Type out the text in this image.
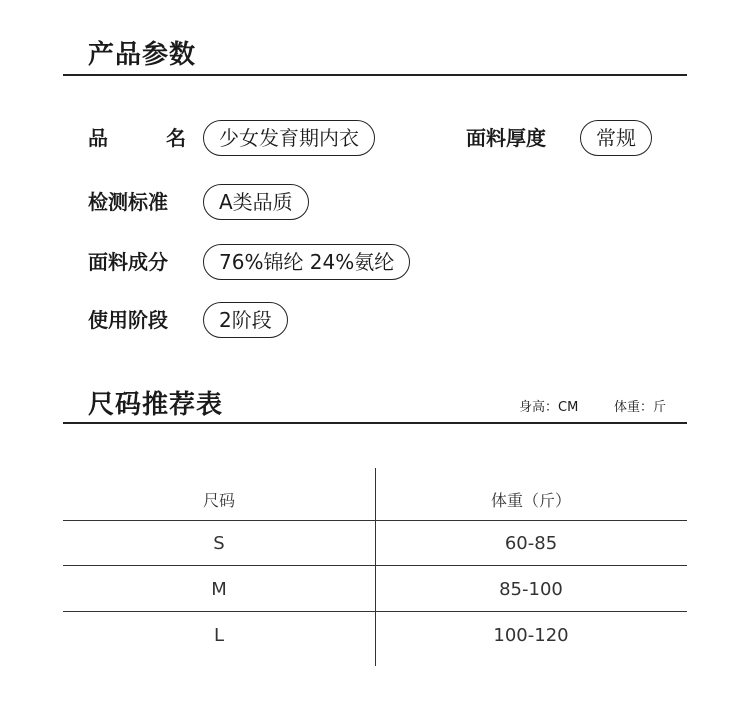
产品参数
品	名	少女发育期内衣	面料厚度	常规
检测标准	A类品质
面料成分	76%锦纶 24%氨纶
使用阶段	2阶段
尺码推荐表	身高：CM	体重：斤
尺码	体重（斤）
S	60-85
M	85-100
L	100-120
